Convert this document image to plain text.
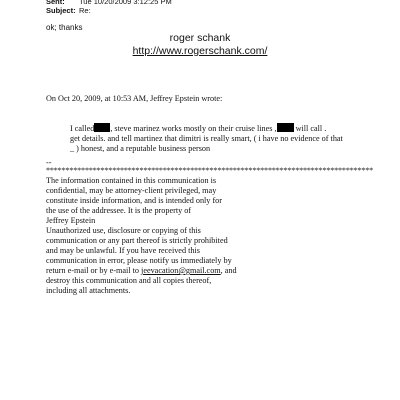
Sent: Tue 10/20/2009 3:12:25 PM
Subject: Re:
ok; thanks
roger schank
http://www.rogerschank.com/
On Oct 20, 2009, at 10:53 AM, Jeffrey Epstein wrote:
I called , steve marinez works mostly on their cruise lines , will call .
get details. and tell martinez that dimitri is really smart, ( i have no evidence of that
_ ) honest, and a reputable business person
--
************************************************************************************
The information contained in this communication is
confidential, may be attorney-client privileged, may
constitute inside information, and is intended only for
the use of the addressee. It is the property of
Jeffrey Epstein
Unauthorized use, disclosure or copying of this
communication or any part thereof is strictly prohibited
and may be unlawful. If you have received this
communication in error, please notify us immediately by
return e-mail or by e-mail to jeevacation@gmail.com, and
destroy this communication and all copies thereof,
including all attachments.
